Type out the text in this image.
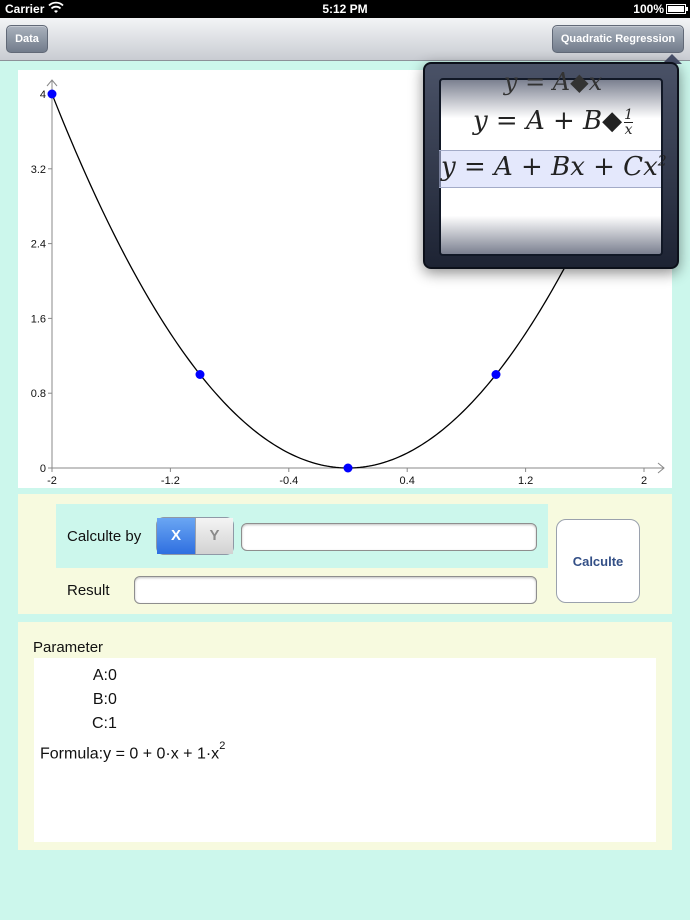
Carrier	5:12 PM	100%
Data	Quadratic Regression
-2	-1.2	-0.4	0.4	1.2	2
0
0.8
1.6
2.4
3.2
4
Calculte by	X	Y
Result
Calculte
Parameter
A:0
B:0
C:1
Formula:y = $0 + 0\cdot x + 1\cdot x^2$
y = A◆x
y = A + B◆ $\frac{1}{x}$
$y = A + Bx + Cx^2$
